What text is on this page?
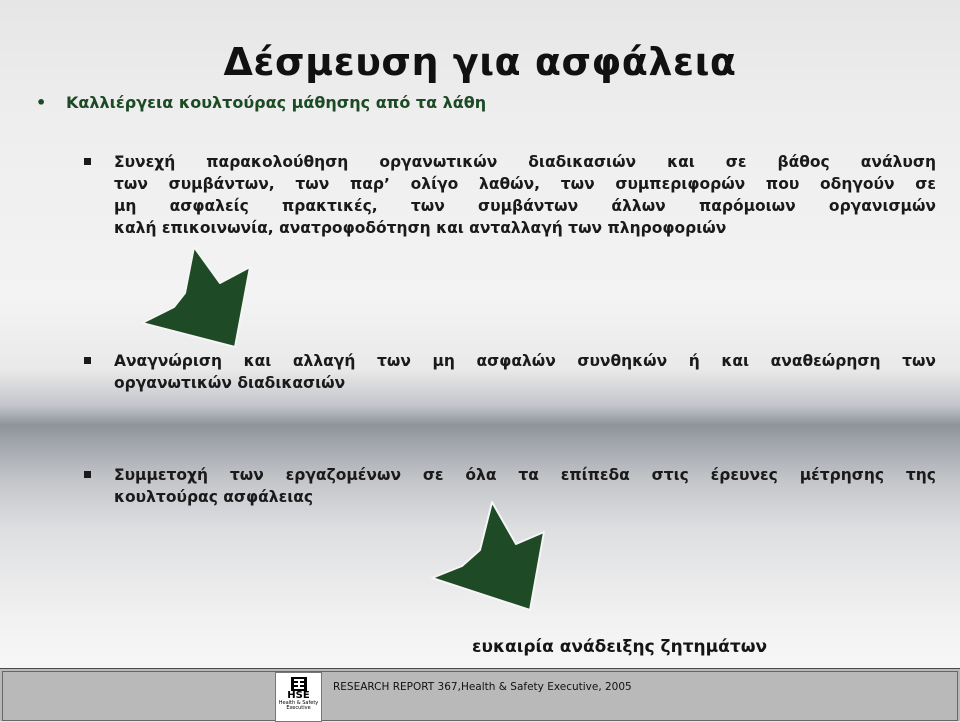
Δέσμευση για ασφάλεια
• Καλλιέργεια κουλτούρας μάθησης από τα λάθη
Συνεχή παρακολούθηση οργανωτικών διαδικασιών και σε βάθος ανάλυση
των συμβάντων, των παρ’ ολίγο λαθών, των συμπεριφορών που οδηγούν σε
μη ασφαλείς πρακτικές, των συμβάντων άλλων παρόμοιων οργανισμών
καλή επικοινωνία, ανατροφοδότηση και ανταλλαγή των πληροφοριών
Αναγνώριση και αλλαγή των μη ασφαλών συνθηκών ή και αναθεώρηση των
οργανωτικών διαδικασιών
Συμμετοχή των εργαζομένων σε όλα τα επίπεδα στις έρευνες μέτρησης της
κουλτούρας ασφάλειας
ευκαιρία ανάδειξης ζητημάτων
HSE
Health & Safety
Executive
RESEARCH REPORT 367,Health & Safety Executive, 2005
